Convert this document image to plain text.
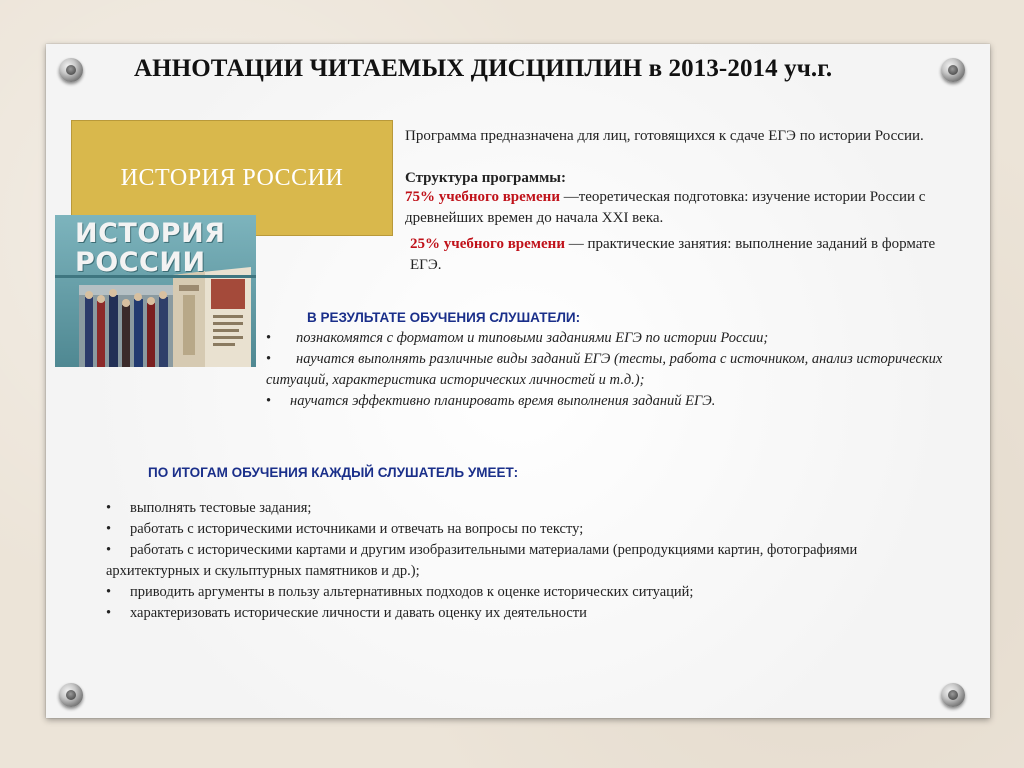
АННОТАЦИИ ЧИТАЕМЫХ ДИСЦИПЛИН в 2013-2014 уч.г.
ИСТОРИЯ РОССИИ
ИСТОРИЯ
РОССИИ
Программа предназначена для лиц, готовящихся к сдаче ЕГЭ по истории России.
Структура программы:
75% учебного времени —теоретическая подготовка: изучение истории России с древнейших времен до начала XXI века.
25% учебного времени — практические занятия: выполнение заданий в формате ЕГЭ.
В РЕЗУЛЬТАТЕ ОБУЧЕНИЯ СЛУШАТЕЛИ:
• познакомятся с форматом и типовыми заданиями ЕГЭ по истории России;
• научатся выполнять различные виды заданий ЕГЭ (тесты, работа с источником, анализ исторических ситуаций, характеристика исторических личностей и т.д.);
• научатся эффективно планировать время выполнения заданий ЕГЭ.
ПО ИТОГАМ ОБУЧЕНИЯ КАЖДЫЙ СЛУШАТЕЛЬ УМЕЕТ:
• выполнять тестовые задания;
• работать с историческими источниками и отвечать на вопросы по тексту;
• работать с историческими картами и другим изобразительными материалами (репродукциями картин, фотографиями архитектурных и скульптурных памятников и др.);
• приводить аргументы в пользу альтернативных подходов к оценке исторических ситуаций;
• характеризовать исторические личности и давать оценку их деятельности
